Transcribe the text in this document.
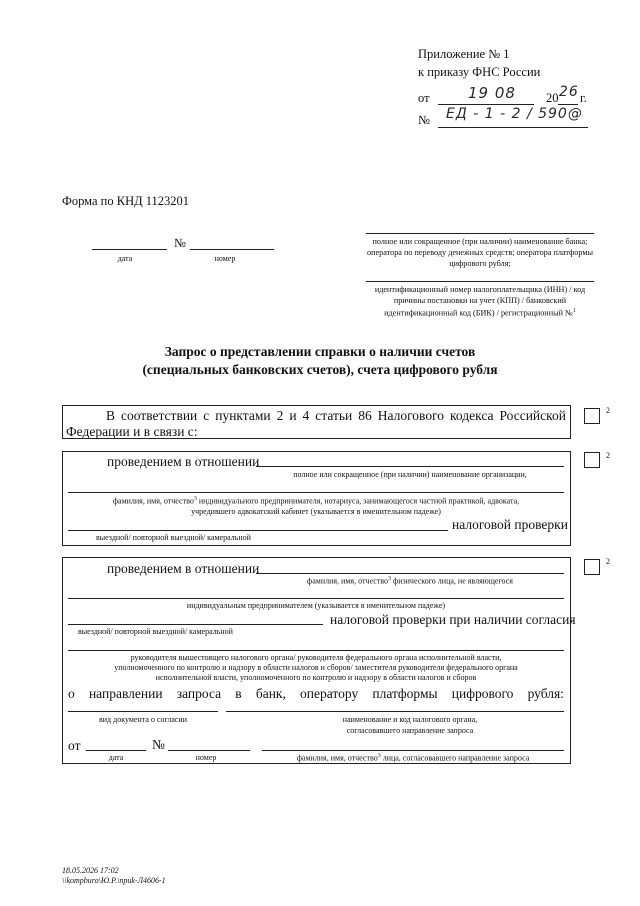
Приложение № 1
к приказу ФНС России
от	19 08 20 26 г.
№ ЕД - 1 - 2 / 590@
Форма по КНД 1123201
№
дата	номер
полное или сокращенное (при наличии) наименование банка; оператора по переводу денежных средств; оператора платформы цифрового рубля;
идентификационный номер налогоплательщика (ИНН) / код причины постановки на учет (КПП) / банковский идентификационный код (БИК) / регистрационный №$^1$
Запрос о представлении справки о наличии счетов
(специальных банковских счетов), счета цифрового рубля
В соответствии с пунктами 2 и 4 статьи 86 Налогового кодекса Российской
Федерации и в связи с:
2
проведением в отношении
полное или сокращенное (при наличии) наименование организации,
фамилия, имя, отчество$^3$ индивидуального предпринимателя, нотариуса, занимающегося частной практикой, адвоката,
учредившего адвокатский кабинет (указывается в именительном падеже)
налоговой проверки
выездной/ повторной выездной/ камеральной
2
проведением в отношении
фамилия, имя, отчество$^3$ физического лица, не являющегося
индивидуальным предпринимателем (указывается в именительном падеже)
налоговой проверки при наличии согласия
выездной/ повторной выездной/ камеральной
руководителя вышестоящего налогового органа/ руководителя федерального органа исполнительной власти,
уполномоченного по контролю и надзору в области налогов и сборов/ заместителя руководителя федерального органа
исполнительной власти, уполномоченного по контролю и надзору в области налогов и сборов
о направлении запроса в банк, оператору платформы цифрового рубля:
вид документа о согласии	наименование и код налогового органа,
согласовавшего направление запроса
от	№
дата	номер	фамилия, имя, отчество$^3$ лица, согласовавшего направление запроса
2
18.05.2026 17:02
\\kompburo\Ю.Р.\приk-Л4606-1
